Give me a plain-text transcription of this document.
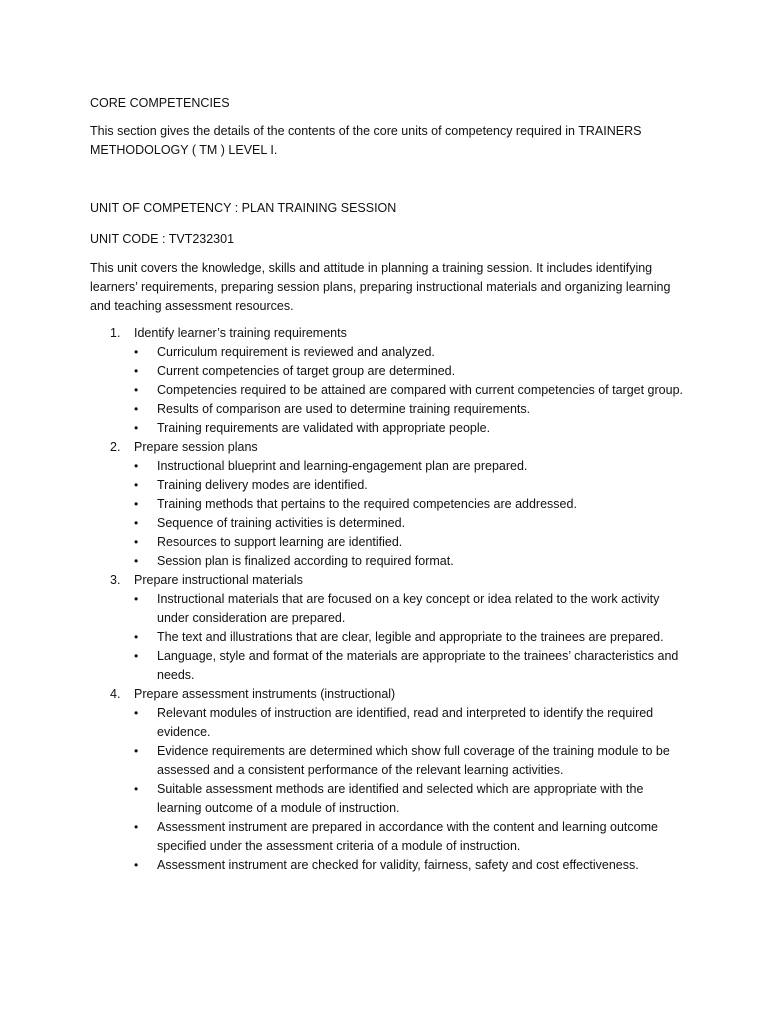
CORE COMPETENCIES

This section gives the details of the contents of the core units of competency required in TRAINERS METHODOLOGY ( TM ) LEVEL I.

UNIT OF COMPETENCY : PLAN TRAINING SESSION

UNIT CODE : TVT232301

This unit covers the knowledge, skills and attitude in planning a training session. It includes identifying learners’ requirements, preparing session plans, preparing instructional materials and organizing learning and teaching assessment resources.

1. Identify learner’s training requirements
•	Curriculum requirement is reviewed and analyzed.
•	Current competencies of target group are determined.
•	Competencies required to be attained are compared with current competencies of target group.
•	Results of comparison are used to determine training requirements.
•	Training requirements are validated with appropriate people.
2. Prepare session plans
•	Instructional blueprint and learning-engagement plan are prepared.
•	Training delivery modes are identified.
•	Training methods that pertains to the required competencies are addressed.
•	Sequence of training activities is determined.
•	Resources to support learning are identified.
•	Session plan is finalized according to required format.
3. Prepare instructional materials
•	Instructional materials that are focused on a key concept or idea related to the work activity under consideration are prepared.
•	The text and illustrations that are clear, legible and appropriate to the trainees are prepared.
•	Language, style and format of the materials are appropriate to the trainees’ characteristics and needs.
4. Prepare assessment instruments (instructional)
•	Relevant modules of instruction are identified, read and interpreted to identify the required evidence.
•	Evidence requirements are determined which show full coverage of the training module to be assessed and a consistent performance of the relevant learning activities.
•	Suitable assessment methods are identified and selected which are appropriate with the learning outcome of a module of instruction.
•	Assessment instrument are prepared in accordance with the content and learning outcome specified under the assessment criteria of a module of instruction.
•	Assessment instrument are checked for validity, fairness, safety and cost effectiveness.
